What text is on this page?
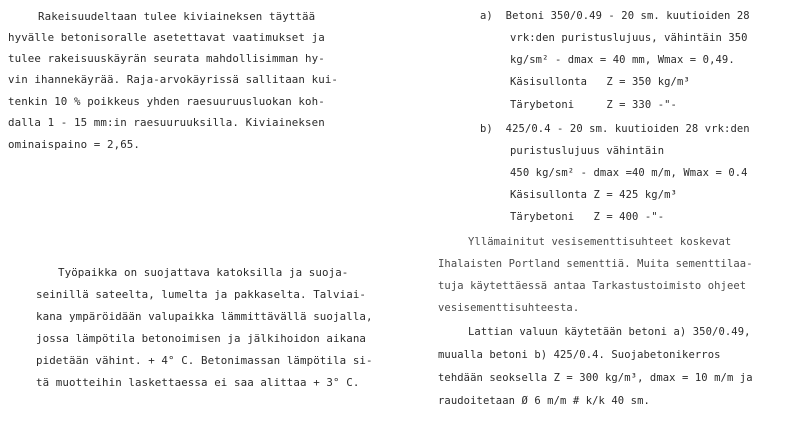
Rakeisuudeltaan tulee kiviaineksen täyttää
hyvälle betonisoralle asetettavat vaatimukset ja
tulee rakeisuuskäyrän seurata mahdollisimman hy-
vin ihannekäyrää. Raja-arvokäyrissä sallitaan kui-
tenkin 10 % poikkeus yhden raesuuruusluokan koh-
dalla 1 - 15 mm:in raesuuruuksilla. Kiviaineksen
ominaispaino = 2,65.
Työpaikka on suojattava katoksilla ja suoja-
seinillä sateelta, lumelta ja pakkaselta. Talviai-
kana ympäröidään valupaikka lämmittävällä suojalla,
jossa lämpötila betonoimisen ja jälkihoidon aikana
pidetään vähint. + 4° C. Betonimassan lämpötila si-
tä muotteihin laskettaessa ei saa alittaa + 3° C.
a)  Betoni 350/0.49 - 20 sm. kuutioiden 28
vrk:den puristuslujuus, vähintäin 350
kg/sm² - dmax = 40 mm, Wmax = 0,49.
Käsisullonta   Z = 350 kg/m³
Tärybetoni     Z = 330 -"-
b)  425/0.4 - 20 sm. kuutioiden 28 vrk:den
puristuslujuus vähintäin
450 kg/sm² - dmax =40 m/m, Wmax = 0.4
Käsisullonta Z = 425 kg/m³
Tärybetoni   Z = 400 -"-
Yllämainitut vesisementtisuhteet koskevat
Ihalaisten Portland sementtiä. Muita sementtilaa-
tuja käytettäessä antaa Tarkastustoimisto ohjeet
vesisementtisuhteesta.
Lattian valuun käytetään betoni a) 350/0.49,
muualla betoni b) 425/0.4. Suojabetonikerros
tehdään seoksella Z = 300 kg/m³, dmax = 10 m/m ja
raudoitetaan Ø 6 m/m # k/k 40 sm.
